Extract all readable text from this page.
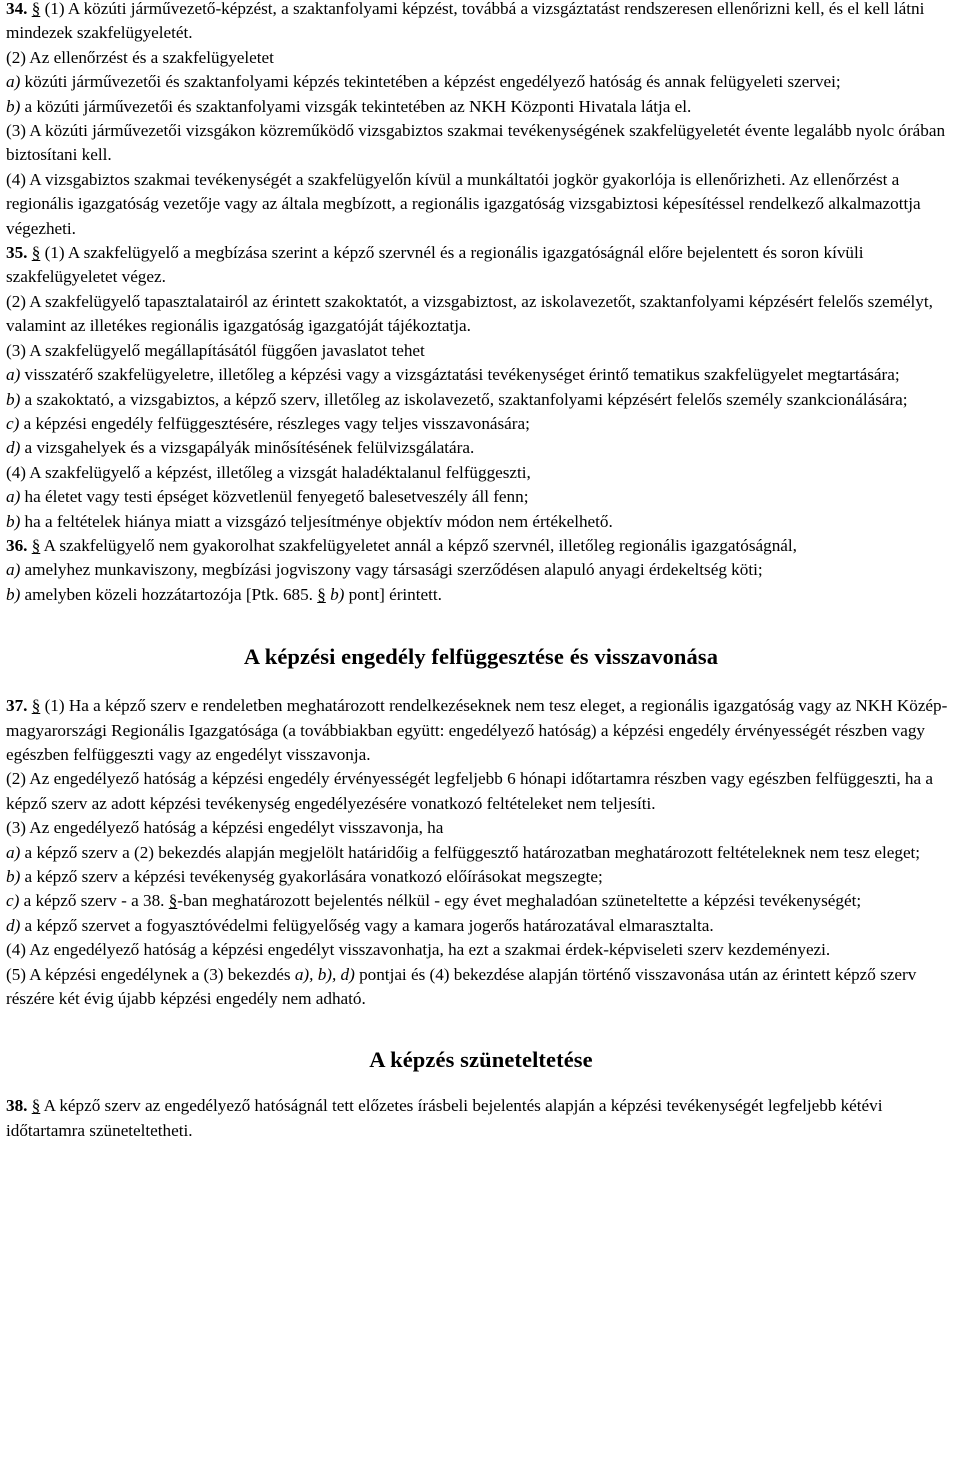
34. § (1) A közúti járművezető-képzést, a szaktanfolyami képzést, továbbá a vizsgáztatást rendszeresen ellenőrizni kell, és el kell látni mindezek szakfelügyeletét.

(2) Az ellenőrzést és a szakfelügyeletet

a) közúti járművezetői és szaktanfolyami képzés tekintetében a képzést engedélyező hatóság és annak felügyeleti szervei;

b) a közúti járművezetői és szaktanfolyami vizsgák tekintetében az NKH Központi Hivatala látja el.

(3) A közúti járművezetői vizsgákon közreműködő vizsgabiztos szakmai tevékenységének szakfelügyeletét évente legalább nyolc órában biztosítani kell.

(4) A vizsgabiztos szakmai tevékenységét a szakfelügyelőn kívül a munkáltatói jogkör gyakorlója is ellenőrizheti. Az ellenőrzést a regionális igazgatóság vezetője vagy az általa megbízott, a regionális igazgatóság vizsgabiztosi képesítéssel rendelkező alkalmazottja végezheti.

35. § (1) A szakfelügyelő a megbízása szerint a képző szervnél és a regionális igazgatóságnál előre bejelentett és soron kívüli szakfelügyeletet végez.

(2) A szakfelügyelő tapasztalatairól az érintett szakoktatót, a vizsgabiztost, az iskolavezetőt, szaktanfolyami képzésért felelős személyt, valamint az illetékes regionális igazgatóság igazgatóját tájékoztatja.

(3) A szakfelügyelő megállapításától függően javaslatot tehet

a) visszatérő szakfelügyeletre, illetőleg a képzési vagy a vizsgáztatási tevékenységet érintő tematikus szakfelügyelet megtartására;

b) a szakoktató, a vizsgabiztos, a képző szerv, illetőleg az iskolavezető, szaktanfolyami képzésért felelős személy szankcionálására;

c) a képzési engedély felfüggesztésére, részleges vagy teljes visszavonására;

d) a vizsgahelyek és a vizsgapályák minősítésének felülvizsgálatára.

(4) A szakfelügyelő a képzést, illetőleg a vizsgát haladéktalanul felfüggeszti,

a) ha életet vagy testi épséget közvetlenül fenyegető balesetveszély áll fenn;

b) ha a feltételek hiánya miatt a vizsgázó teljesítménye objektív módon nem értékelhető.

36. § A szakfelügyelő nem gyakorolhat szakfelügyeletet annál a képző szervnél, illetőleg regionális igazgatóságnál,

a) amelyhez munkaviszony, megbízási jogviszony vagy társasági szerződésen alapuló anyagi érdekeltség köti;

b) amelyben közeli hozzátartozója [Ptk. 685. § b) pont] érintett.

A képzési engedély felfüggesztése és visszavonása

37. § (1) Ha a képző szerv e rendeletben meghatározott rendelkezéseknek nem tesz eleget, a regionális igazgatóság vagy az NKH Közép-magyarországi Regionális Igazgatósága (a továbbiakban együtt: engedélyező hatóság) a képzési engedély érvényességét részben vagy egészben felfüggeszti vagy az engedélyt visszavonja.

(2) Az engedélyező hatóság a képzési engedély érvényességét legfeljebb 6 hónapi időtartamra részben vagy egészben felfüggeszti, ha a képző szerv az adott képzési tevékenység engedélyezésére vonatkozó feltételeket nem teljesíti.

(3) Az engedélyező hatóság a képzési engedélyt visszavonja, ha

a) a képző szerv a (2) bekezdés alapján megjelölt határidőig a felfüggesztő határozatban meghatározott feltételeknek nem tesz eleget;

b) a képző szerv a képzési tevékenység gyakorlására vonatkozó előírásokat megszegte;

c) a képző szerv - a 38. §-ban meghatározott bejelentés nélkül - egy évet meghaladóan szüneteltette a képzési tevékenységét;

d) a képző szervet a fogyasztóvédelmi felügyelőség vagy a kamara jogerős határozatával elmarasztalta.

(4) Az engedélyező hatóság a képzési engedélyt visszavonhatja, ha ezt a szakmai érdek-képviseleti szerv kezdeményezi.

(5) A képzési engedélynek a (3) bekezdés a), b), d) pontjai és (4) bekezdése alapján történő visszavonása után az érintett képző szerv részére két évig újabb képzési engedély nem adható.

A képzés szüneteltetése

38. § A képző szerv az engedélyező hatóságnál tett előzetes írásbeli bejelentés alapján a képzési tevékenységét legfeljebb kétévi időtartamra szüneteltetheti.
